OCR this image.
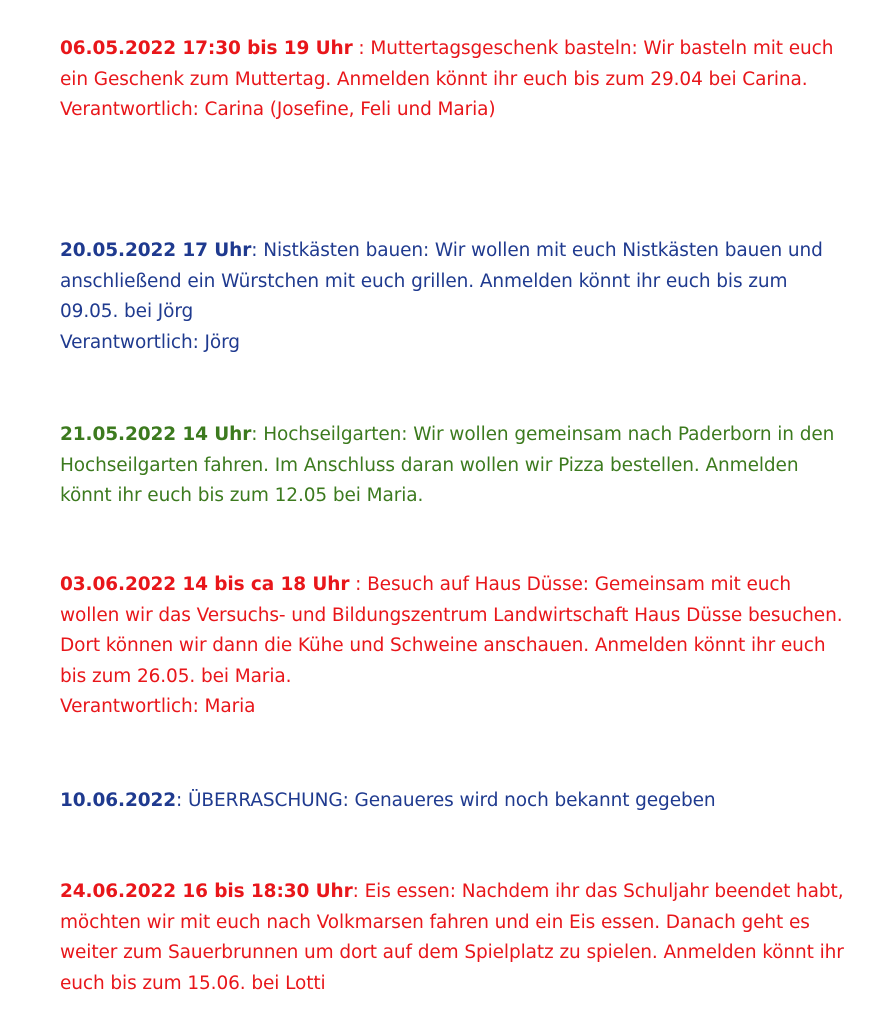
06.05.2022 17:30 bis 19 Uhr : Muttertagsgeschenk basteln: Wir basteln mit euch ein Geschenk zum Muttertag. Anmelden könnt ihr euch bis zum 29.04 bei Carina.

Verantwortlich: Carina (Josefine, Feli und Maria)

20.05.2022 17 Uhr: Nistkästen bauen: Wir wollen mit euch Nistkästen bauen und anschließend ein Würstchen mit euch grillen. Anmelden könnt ihr euch bis zum 09.05. bei Jörg

Verantwortlich: Jörg

21.05.2022 14 Uhr: Hochseilgarten: Wir wollen gemeinsam nach Paderborn in den Hochseilgarten fahren. Im Anschluss daran wollen wir Pizza bestellen. Anmelden könnt ihr euch bis zum 12.05 bei Maria.

03.06.2022 14 bis ca 18 Uhr : Besuch auf Haus Düsse: Gemeinsam mit euch wollen wir das Versuchs- und Bildungszentrum Landwirtschaft Haus Düsse besuchen. Dort können wir dann die Kühe und Schweine anschauen. Anmelden könnt ihr euch bis zum 26.05. bei Maria.

Verantwortlich: Maria

10.06.2022: ÜBERRASCHUNG: Genaueres wird noch bekannt gegeben

24.06.2022 16 bis 18:30 Uhr: Eis essen: Nachdem ihr das Schuljahr beendet habt, möchten wir mit euch nach Volkmarsen fahren und ein Eis essen. Danach geht es weiter zum Sauerbrunnen um dort auf dem Spielplatz zu spielen. Anmelden könnt ihr euch bis zum 15.06. bei Lotti
